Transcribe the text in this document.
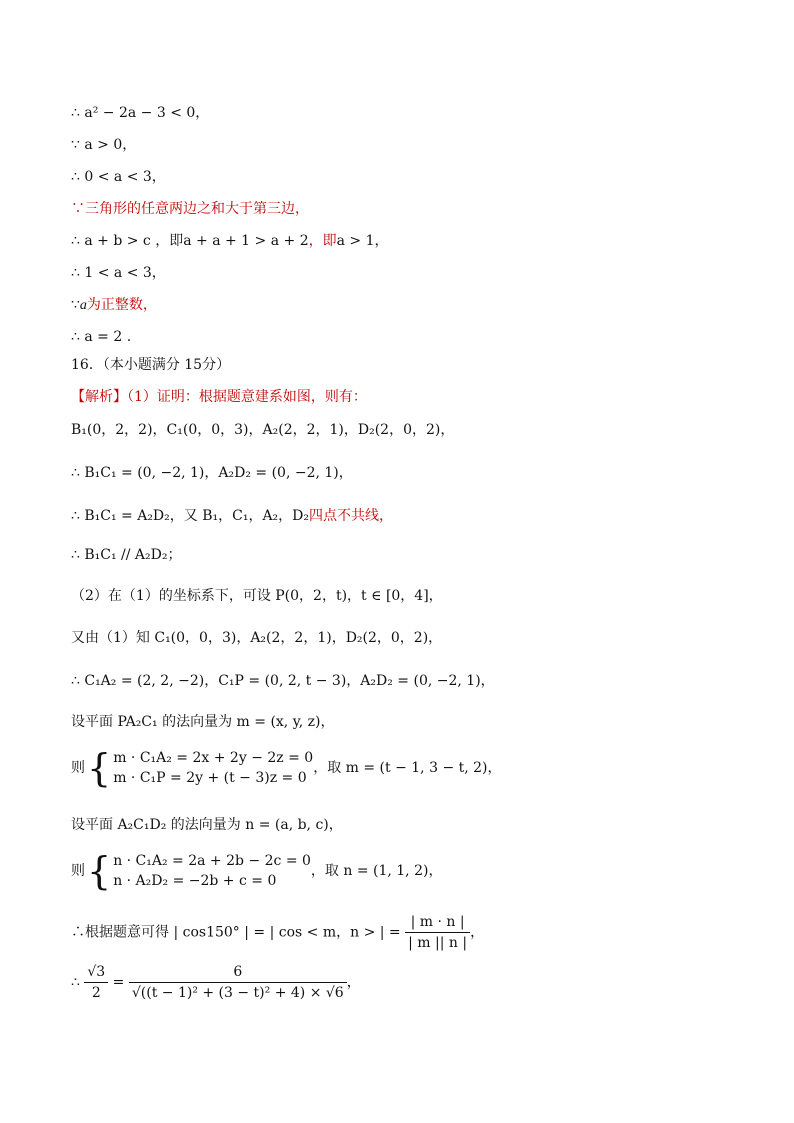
∴ a² − 2a − 3 < 0，
∵ a > 0，
∴ 0 < a < 3，
∵三角形的任意两边之和大于第三边，
∴ a + b > c ，即a + a + 1 > a + 2，即a > 1，
∴ 1 < a < 3，
∵a为正整数，
∴ a = 2 .
16．（本小题满分 15分）
【解析】（1）证明：根据题意建系如图，则有：
B₁(0，2，2)，C₁(0，0，3)，A₂(2，2，1)，D₂(2，0，2)，
∴ B₁C₁ = (0, −2, 1)，A₂D₂ = (0, −2, 1)，
∴ B₁C₁ = A₂D₂，又 B₁，C₁，A₂，D₂四点不共线，
∴ B₁C₁ // A₂D₂；
（2）在（1）的坐标系下，可设 P(0，2，t)，t ∈ [0，4]，
又由（1）知 C₁(0，0，3)，A₂(2，2，1)，D₂(2，0，2)，
∴ C₁A₂ = (2, 2, −2)，C₁P = (0, 2, t − 3)，A₂D₂ = (0, −2, 1)，
设平面 PA₂C₁ 的法向量为 m = (x, y, z)，
则{ m · C₁A₂ = 2x + 2y − 2z = 0
m · C₁P = 2y + (t − 3)z = 0
，取 m = (t − 1, 3 − t, 2)，
设平面 A₂C₁D₂ 的法向量为 n = (a, b, c)，
则{ n · C₁A₂ = 2a + 2b − 2c = 0
n · A₂D₂ = −2b + c = 0
，取 n = (1, 1, 2)，
∴根据题意可得 | cos150° | = | cos < m，n > | = $\frac{| m \cdot n |}{| m || n |}$ ，
∴ $\frac{√3}{2} = \frac{6}{\text{√((t − 1)² + (3 − t)² + 4) × √6}}$ ，
